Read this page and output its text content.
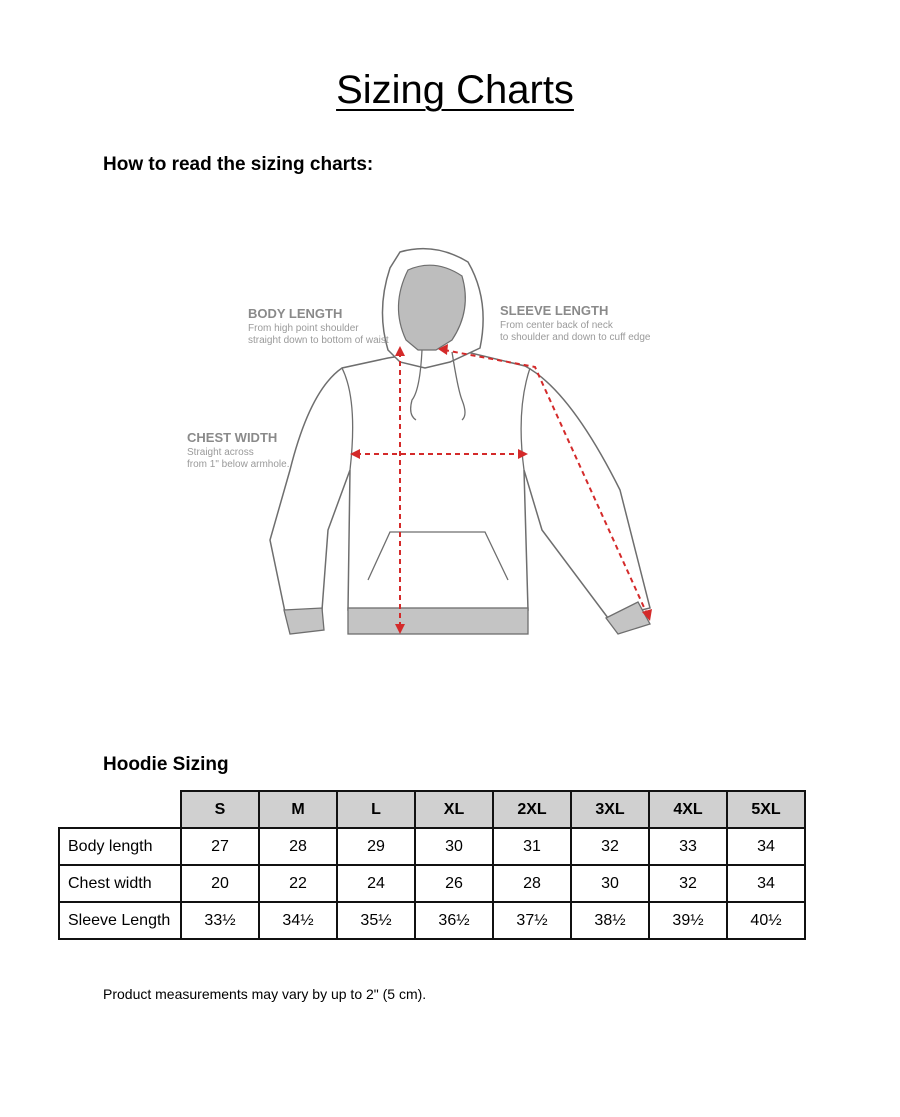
Sizing Charts
How to read the sizing charts:
BODY LENGTH
From high point shoulder
straight down to bottom of waist
SLEEVE LENGTH
From center back of neck
to shoulder and down to cuff edge
CHEST WIDTH
Straight across
from 1" below armhole.
Hoodie Sizing
	S	M	L	XL	2XL	3XL	4XL	5XL
Body length	27	28	29	30	31	32	33	34
Chest width	20	22	24	26	28	30	32	34
Sleeve Length	33½	34½	35½	36½	37½	38½	39½	40½
Product measurements may vary by up to 2" (5 cm).
